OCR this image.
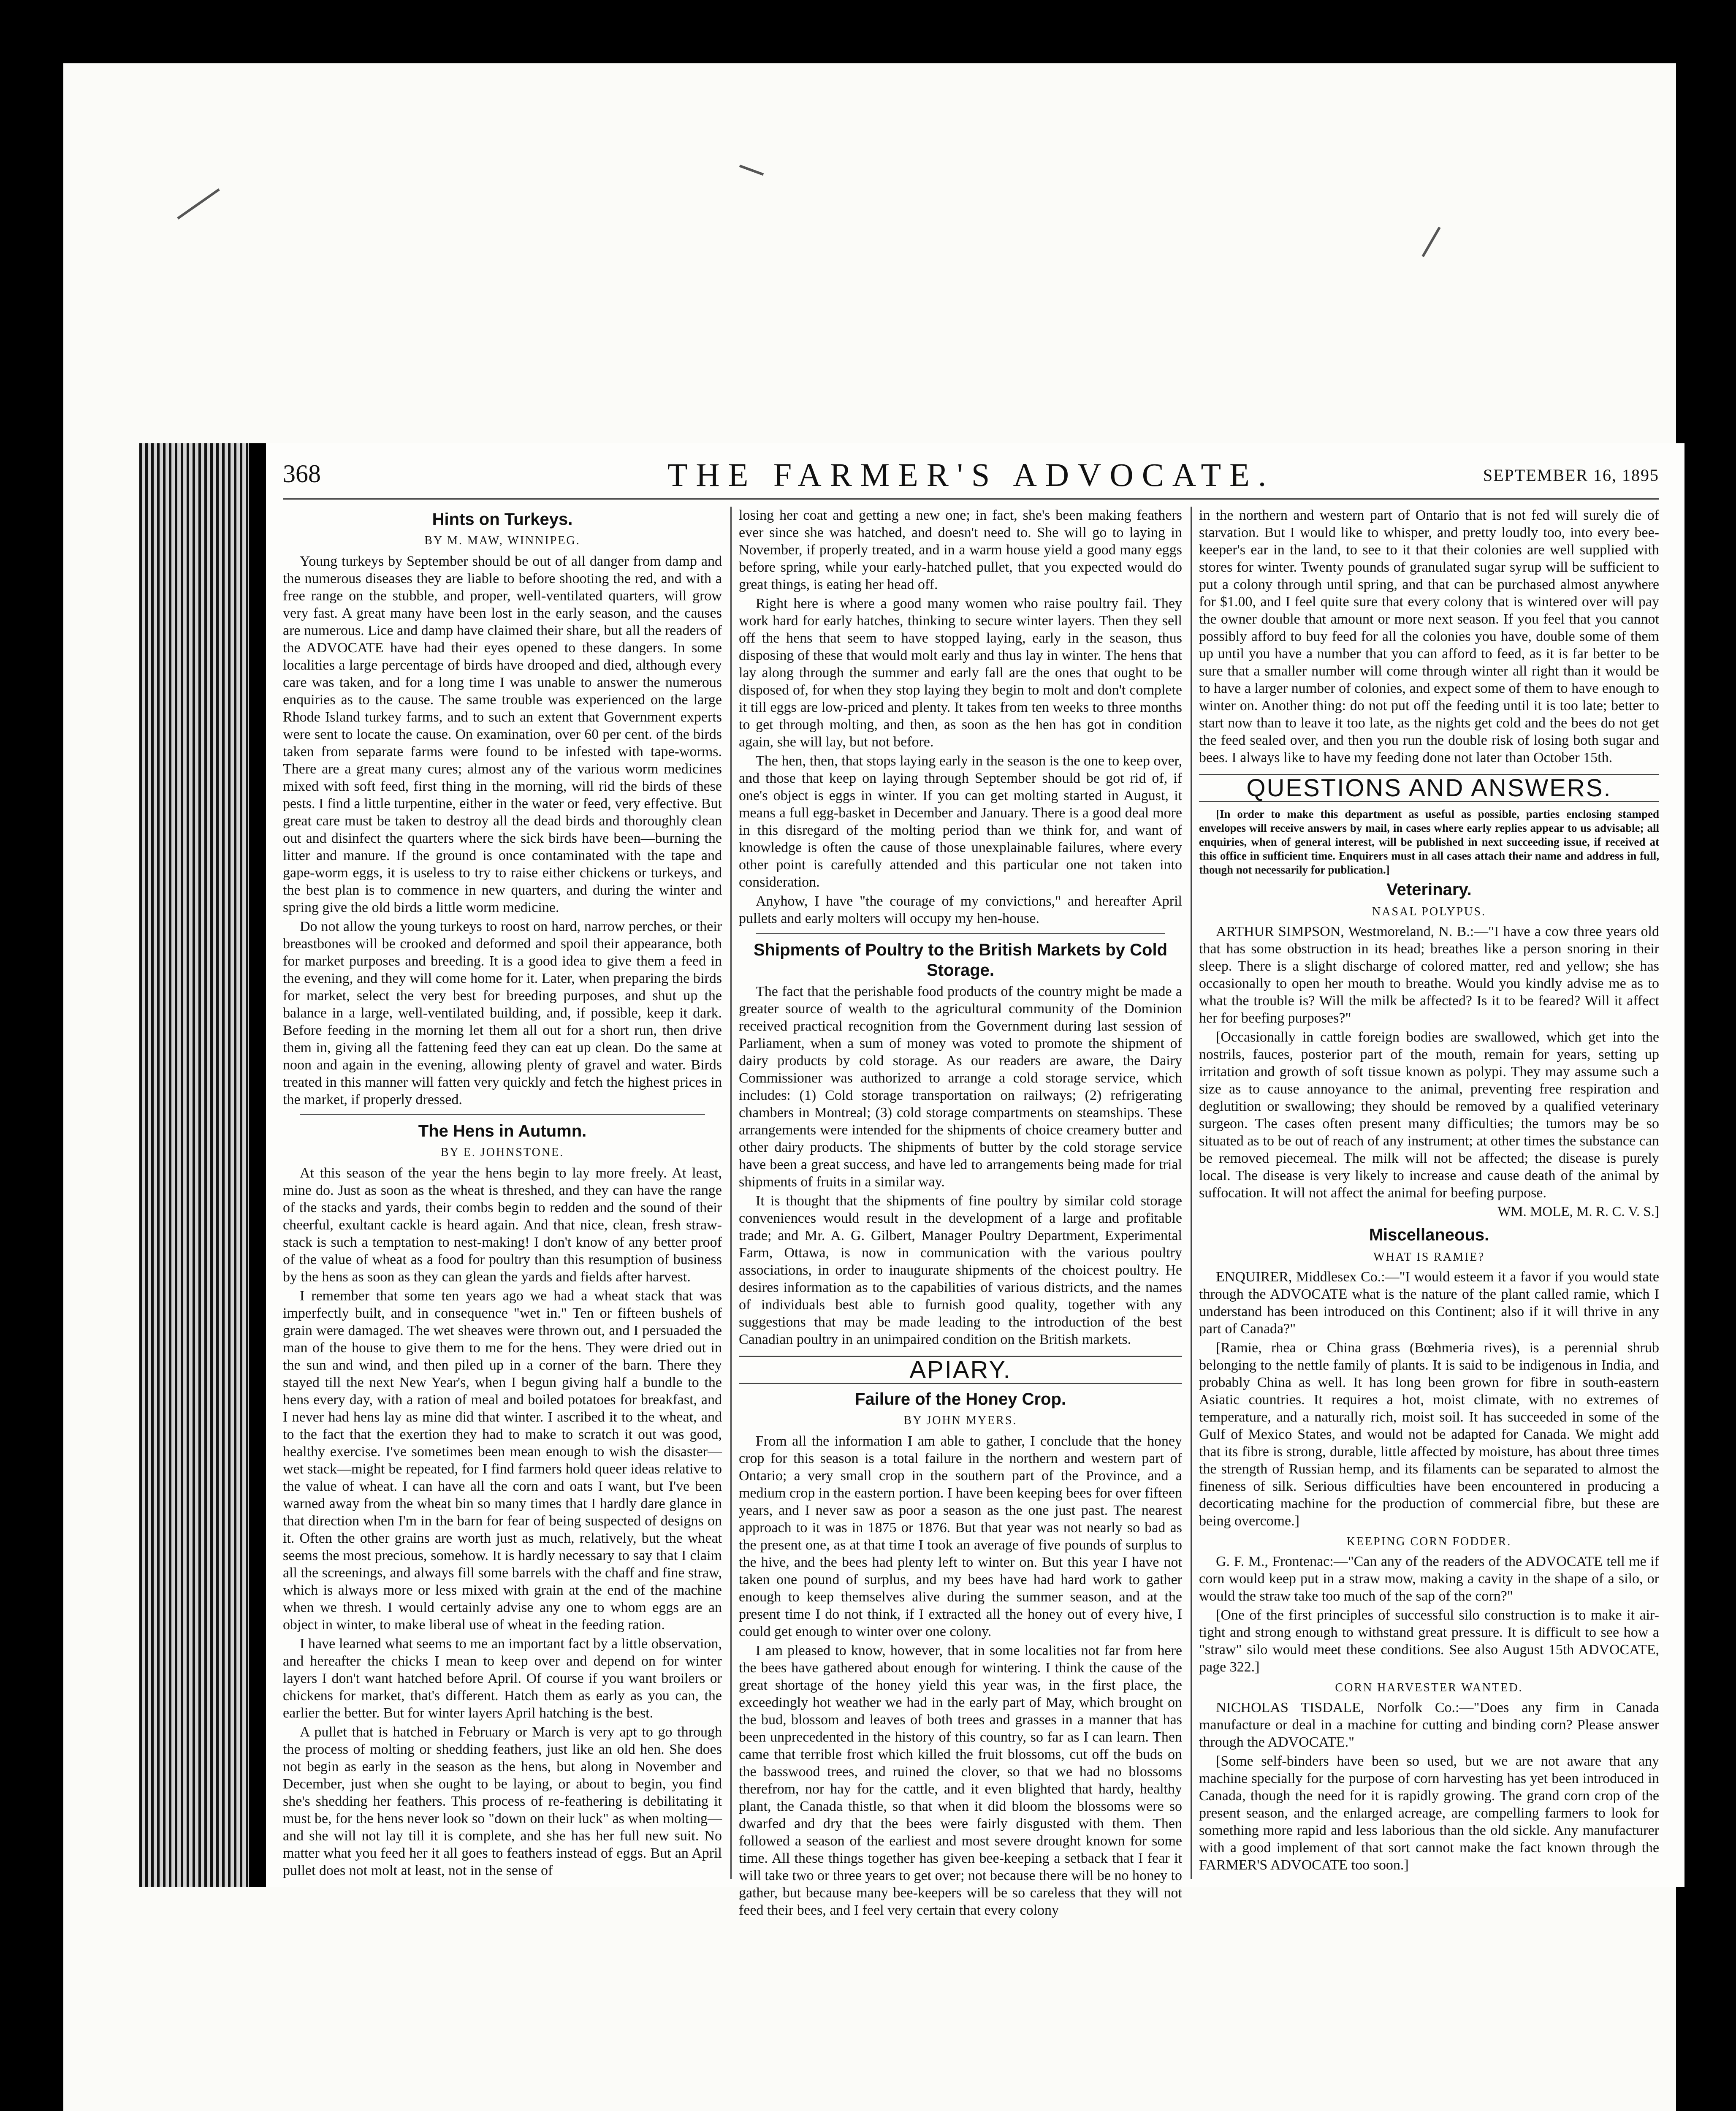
368	THE FARMER'S ADVOCATE.	SEPTEMBER 16, 1895
Hints on Turkeys.
BY M. MAW, WINNIPEG.

Young turkeys by September should be out of all danger from damp and the numerous diseases they are liable to before shooting the red, and with a free range on the stubble, and proper, well-ventilated quarters, will grow very fast. A great many have been lost in the early season, and the causes are numerous. Lice and damp have claimed their share, but all the readers of the ADVOCATE have had their eyes opened to these dangers. In some localities a large percentage of birds have drooped and died, although every care was taken, and for a long time I was unable to answer the numerous enquiries as to the cause. The same trouble was experienced on the large Rhode Island turkey farms, and to such an extent that Government experts were sent to locate the cause. On examination, over 60 per cent. of the birds taken from separate farms were found to be infested with tape-worms. There are a great many cures; almost any of the various worm medicines mixed with soft feed, first thing in the morning, will rid the birds of these pests. I find a little turpentine, either in the water or feed, very effective. But great care must be taken to destroy all the dead birds and thoroughly clean out and disinfect the quarters where the sick birds have been—burning the litter and manure. If the ground is once contaminated with the tape and gape-worm eggs, it is useless to try to raise either chickens or turkeys, and the best plan is to commence in new quarters, and during the winter and spring give the old birds a little worm medicine.

Do not allow the young turkeys to roost on hard, narrow perches, or their breastbones will be crooked and deformed and spoil their appearance, both for market purposes and breeding. It is a good idea to give them a feed in the evening, and they will come home for it. Later, when preparing the birds for market, select the very best for breeding purposes, and shut up the balance in a large, well-ventilated building, and, if possible, keep it dark. Before feeding in the morning let them all out for a short run, then drive them in, giving all the fattening feed they can eat up clean. Do the same at noon and again in the evening, allowing plenty of gravel and water. Birds treated in this manner will fatten very quickly and fetch the highest prices in the market, if properly dressed.

The Hens in Autumn.
BY E. JOHNSTONE.

At this season of the year the hens begin to lay more freely. At least, mine do. Just as soon as the wheat is threshed, and they can have the range of the stacks and yards, their combs begin to redden and the sound of their cheerful, exultant cackle is heard again. And that nice, clean, fresh straw-stack is such a temptation to nest-making! I don't know of any better proof of the value of wheat as a food for poultry than this resumption of business by the hens as soon as they can glean the yards and fields after harvest.

I remember that some ten years ago we had a wheat stack that was imperfectly built, and in consequence "wet in." Ten or fifteen bushels of grain were damaged. The wet sheaves were thrown out, and I persuaded the man of the house to give them to me for the hens. They were dried out in the sun and wind, and then piled up in a corner of the barn. There they stayed till the next New Year's, when I begun giving half a bundle to the hens every day, with a ration of meal and boiled potatoes for breakfast, and I never had hens lay as mine did that winter. I ascribed it to the wheat, and to the fact that the exertion they had to make to scratch it out was good, healthy exercise. I've sometimes been mean enough to wish the disaster—wet stack—might be repeated, for I find farmers hold queer ideas relative to the value of wheat. I can have all the corn and oats I want, but I've been warned away from the wheat bin so many times that I hardly dare glance in that direction when I'm in the barn for fear of being suspected of designs on it. Often the other grains are worth just as much, relatively, but the wheat seems the most precious, somehow. It is hardly necessary to say that I claim all the screenings, and always fill some barrels with the chaff and fine straw, which is always more or less mixed with grain at the end of the machine when we thresh. I would certainly advise any one to whom eggs are an object in winter, to make liberal use of wheat in the feeding ration.

I have learned what seems to me an important fact by a little observation, and hereafter the chicks I mean to keep over and depend on for winter layers I don't want hatched before April. Of course if you want broilers or chickens for market, that's different. Hatch them as early as you can, the earlier the better. But for winter layers April hatching is the best.

A pullet that is hatched in February or March is very apt to go through the process of molting or shedding feathers, just like an old hen. She does not begin as early in the season as the hens, but along in November and December, just when she ought to be laying, or about to begin, you find she's shedding her feathers. This process of re-feathering is debilitating it must be, for the hens never look so "down on their luck" as when molting—and she will not lay till it is complete, and she has her full new suit. No matter what you feed her it all goes to feathers instead of eggs. But an April pullet does not molt at least, not in the sense of

losing her coat and getting a new one; in fact, she's been making feathers ever since she was hatched, and doesn't need to. She will go to laying in November, if properly treated, and in a warm house yield a good many eggs before spring, while your early-hatched pullet, that you expected would do great things, is eating her head off.

Right here is where a good many women who raise poultry fail. They work hard for early hatches, thinking to secure winter layers. Then they sell off the hens that seem to have stopped laying, early in the season, thus disposing of these that would molt early and thus lay in winter. The hens that lay along through the summer and early fall are the ones that ought to be disposed of, for when they stop laying they begin to molt and don't complete it till eggs are low-priced and plenty. It takes from ten weeks to three months to get through molting, and then, as soon as the hen has got in condition again, she will lay, but not before.

The hen, then, that stops laying early in the season is the one to keep over, and those that keep on laying through September should be got rid of, if one's object is eggs in winter. If you can get molting started in August, it means a full egg-basket in December and January. There is a good deal more in this disregard of the molting period than we think for, and want of knowledge is often the cause of those unexplainable failures, where every other point is carefully attended and this particular one not taken into consideration.

Anyhow, I have "the courage of my convictions," and hereafter April pullets and early molters will occupy my hen-house.

Shipments of Poultry to the British Markets by Cold Storage.

The fact that the perishable food products of the country might be made a greater source of wealth to the agricultural community of the Dominion received practical recognition from the Government during last session of Parliament, when a sum of money was voted to promote the shipment of dairy products by cold storage. As our readers are aware, the Dairy Commissioner was authorized to arrange a cold storage service, which includes: (1) Cold storage transportation on railways; (2) refrigerating chambers in Montreal; (3) cold storage compartments on steamships. These arrangements were intended for the shipments of choice creamery butter and other dairy products. The shipments of butter by the cold storage service have been a great success, and have led to arrangements being made for trial shipments of fruits in a similar way.

It is thought that the shipments of fine poultry by similar cold storage conveniences would result in the development of a large and profitable trade; and Mr. A. G. Gilbert, Manager Poultry Department, Experimental Farm, Ottawa, is now in communication with the various poultry associations, in order to inaugurate shipments of the choicest poultry. He desires information as to the capabilities of various districts, and the names of individuals best able to furnish good quality, together with any suggestions that may be made leading to the introduction of the best Canadian poultry in an unimpaired condition on the British markets.

APIARY.
Failure of the Honey Crop.
BY JOHN MYERS.

From all the information I am able to gather, I conclude that the honey crop for this season is a total failure in the northern and western part of Ontario; a very small crop in the southern part of the Province, and a medium crop in the eastern portion. I have been keeping bees for over fifteen years, and I never saw as poor a season as the one just past. The nearest approach to it was in 1875 or 1876. But that year was not nearly so bad as the present one, as at that time I took an average of five pounds of surplus to the hive, and the bees had plenty left to winter on. But this year I have not taken one pound of surplus, and my bees have had hard work to gather enough to keep themselves alive during the summer season, and at the present time I do not think, if I extracted all the honey out of every hive, I could get enough to winter over one colony.

I am pleased to know, however, that in some localities not far from here the bees have gathered about enough for wintering. I think the cause of the great shortage of the honey yield this year was, in the first place, the exceedingly hot weather we had in the early part of May, which brought on the bud, blossom and leaves of both trees and grasses in a manner that has been unprecedented in the history of this country, so far as I can learn. Then came that terrible frost which killed the fruit blossoms, cut off the buds on the basswood trees, and ruined the clover, so that we had no blossoms therefrom, nor hay for the cattle, and it even blighted that hardy, healthy plant, the Canada thistle, so that when it did bloom the blossoms were so dwarfed and dry that the bees were fairly disgusted with them. Then followed a season of the earliest and most severe drought known for some time. All these things together has given bee-keeping a setback that I fear it will take two or three years to get over; not because there will be no honey to gather, but because many bee-keepers will be so careless that they will not feed their bees, and I feel very certain that every colony

in the northern and western part of Ontario that is not fed will surely die of starvation. But I would like to whisper, and pretty loudly too, into every bee-keeper's ear in the land, to see to it that their colonies are well supplied with stores for winter. Twenty pounds of granulated sugar syrup will be sufficient to put a colony through until spring, and that can be purchased almost anywhere for $1.00, and I feel quite sure that every colony that is wintered over will pay the owner double that amount or more next season. If you feel that you cannot possibly afford to buy feed for all the colonies you have, double some of them up until you have a number that you can afford to feed, as it is far better to be sure that a smaller number will come through winter all right than it would be to have a larger number of colonies, and expect some of them to have enough to winter on. Another thing: do not put off the feeding until it is too late; better to start now than to leave it too late, as the nights get cold and the bees do not get the feed sealed over, and then you run the double risk of losing both sugar and bees. I always like to have my feeding done not later than October 15th.

QUESTIONS AND ANSWERS.

[In order to make this department as useful as possible, parties enclosing stamped envelopes will receive answers by mail, in cases where early replies appear to us advisable; all enquiries, when of general interest, will be published in next succeeding issue, if received at this office in sufficient time. Enquirers must in all cases attach their name and address in full, though not necessarily for publication.]

Veterinary.
NASAL POLYPUS.

ARTHUR SIMPSON, Westmoreland, N. B.:—"I have a cow three years old that has some obstruction in its head; breathes like a person snoring in their sleep. There is a slight discharge of colored matter, red and yellow; she has occasionally to open her mouth to breathe. Would you kindly advise me as to what the trouble is? Will the milk be affected? Is it to be feared? Will it affect her for beefing purposes?"

[Occasionally in cattle foreign bodies are swallowed, which get into the nostrils, fauces, posterior part of the mouth, remain for years, setting up irritation and growth of soft tissue known as polypi. They may assume such a size as to cause annoyance to the animal, preventing free respiration and deglutition or swallowing; they should be removed by a qualified veterinary surgeon. The cases often present many difficulties; the tumors may be so situated as to be out of reach of any instrument; at other times the substance can be removed piecemeal. The milk will not be affected; the disease is purely local. The disease is very likely to increase and cause death of the animal by suffocation. It will not affect the animal for beefing purpose.

WM. MOLE, M. R. C. V. S.]
Miscellaneous.
WHAT IS RAMIE?

ENQUIRER, Middlesex Co.:—"I would esteem it a favor if you would state through the ADVOCATE what is the nature of the plant called ramie, which I understand has been introduced on this Continent; also if it will thrive in any part of Canada?"

[Ramie, rhea or China grass (Bœhmeria rives), is a perennial shrub belonging to the nettle family of plants. It is said to be indigenous in India, and probably China as well. It has long been grown for fibre in south-eastern Asiatic countries. It requires a hot, moist climate, with no extremes of temperature, and a naturally rich, moist soil. It has succeeded in some of the Gulf of Mexico States, and would not be adapted for Canada. We might add that its fibre is strong, durable, little affected by moisture, has about three times the strength of Russian hemp, and its filaments can be separated to almost the fineness of silk. Serious difficulties have been encountered in producing a decorticating machine for the production of commercial fibre, but these are being overcome.]

KEEPING CORN FODDER.

G. F. M., Frontenac:—"Can any of the readers of the ADVOCATE tell me if corn would keep put in a straw mow, making a cavity in the shape of a silo, or would the straw take too much of the sap of the corn?"

[One of the first principles of successful silo construction is to make it air-tight and strong enough to withstand great pressure. It is difficult to see how a "straw" silo would meet these conditions. See also August 15th ADVOCATE, page 322.]

CORN HARVESTER WANTED.

NICHOLAS TISDALE, Norfolk Co.:—"Does any firm in Canada manufacture or deal in a machine for cutting and binding corn? Please answer through the ADVOCATE."

[Some self-binders have been so used, but we are not aware that any machine specially for the purpose of corn harvesting has yet been introduced in Canada, though the need for it is rapidly growing. The grand corn crop of the present season, and the enlarged acreage, are compelling farmers to look for something more rapid and less laborious than the old sickle. Any manufacturer with a good implement of that sort cannot make the fact known through the FARMER'S ADVOCATE too soon.]
